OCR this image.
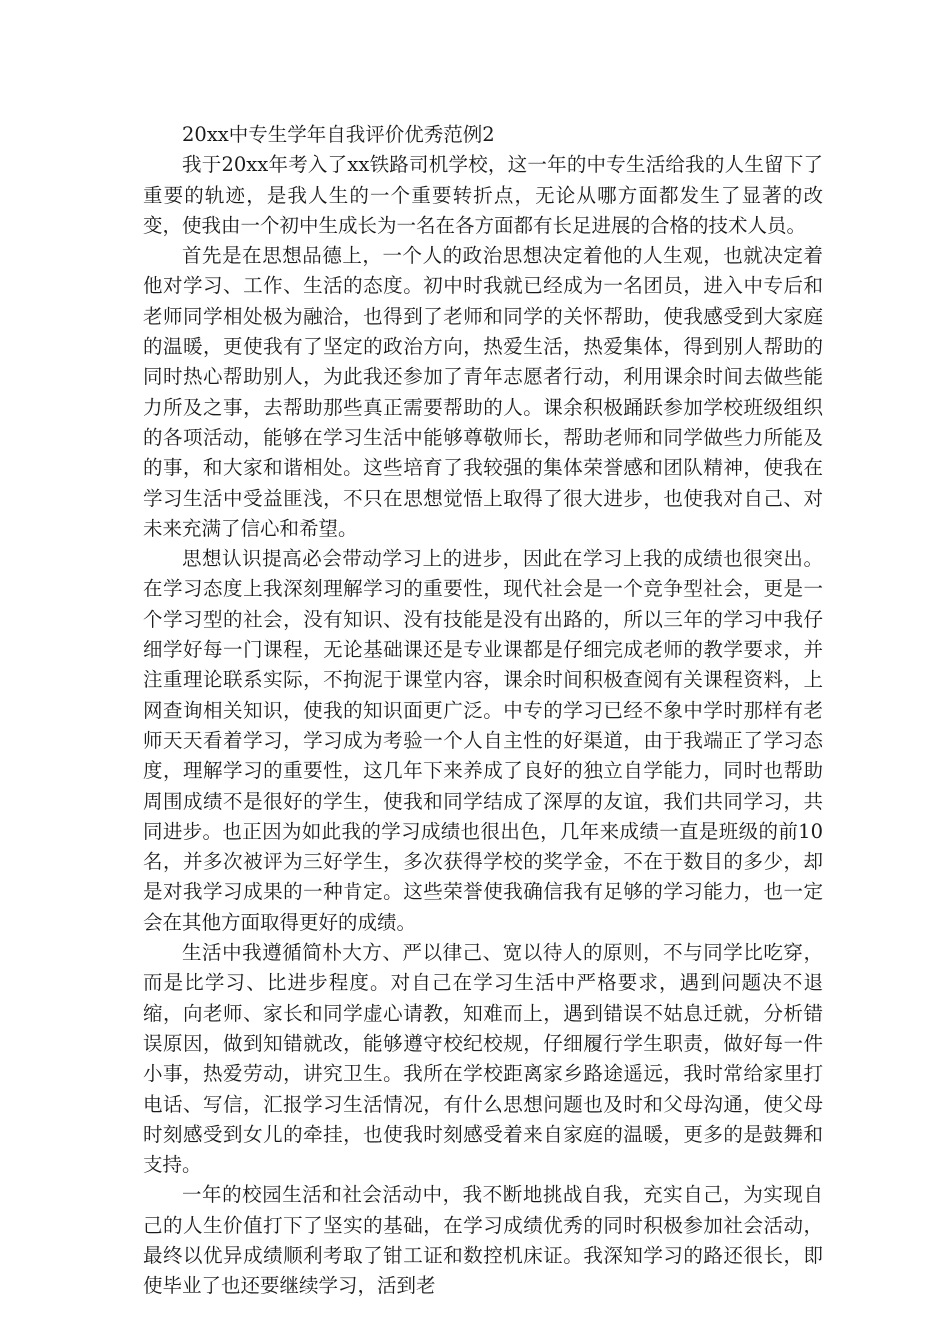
20xx中专生学年自我评价优秀范例2

我于20xx年考入了xx铁路司机学校，这一年的中专生活给我的人生留下了重要的轨迹，是我人生的一个重要转折点，无论从哪方面都发生了显著的改变，使我由一个初中生成长为一名在各方面都有长足进展的合格的技术人员。

首先是在思想品德上，一个人的政治思想决定着他的人生观，也就决定着他对学习、工作、生活的态度。初中时我就已经成为一名团员，进入中专后和老师同学相处极为融洽，也得到了老师和同学的关怀帮助，使我感受到大家庭的温暖，更使我有了坚定的政治方向，热爱生活，热爱集体，得到别人帮助的同时热心帮助别人，为此我还参加了青年志愿者行动，利用课余时间去做些能力所及之事，去帮助那些真正需要帮助的人。课余积极踊跃参加学校班级组织的各项活动，能够在学习生活中能够尊敬师长，帮助老师和同学做些力所能及的事，和大家和谐相处。这些培育了我较强的集体荣誉感和团队精神，使我在学习生活中受益匪浅，不只在思想觉悟上取得了很大进步，也使我对自己、对未来充满了信心和希望。

思想认识提高必会带动学习上的进步，因此在学习上我的成绩也很突出。在学习态度上我深刻理解学习的重要性，现代社会是一个竞争型社会，更是一个学习型的社会，没有知识、没有技能是没有出路的，所以三年的学习中我仔细学好每一门课程，无论基础课还是专业课都是仔细完成老师的教学要求，并注重理论联系实际，不拘泥于课堂内容，课余时间积极查阅有关课程资料，上网查询相关知识，使我的知识面更广泛。中专的学习已经不象中学时那样有老师天天看着学习，学习成为考验一个人自主性的好渠道，由于我端正了学习态度，理解学习的重要性，这几年下来养成了良好的独立自学能力，同时也帮助周围成绩不是很好的学生，使我和同学结成了深厚的友谊，我们共同学习，共同进步。也正因为如此我的学习成绩也很出色，几年来成绩一直是班级的前10名，并多次被评为三好学生，多次获得学校的奖学金，不在于数目的多少，却是对我学习成果的一种肯定。这些荣誉使我确信我有足够的学习能力，也一定会在其他方面取得更好的成绩。

生活中我遵循简朴大方、严以律己、宽以待人的原则，不与同学比吃穿，而是比学习、比进步程度。对自己在学习生活中严格要求，遇到问题决不退缩，向老师、家长和同学虚心请教，知难而上，遇到错误不姑息迁就，分析错误原因，做到知错就改，能够遵守校纪校规，仔细履行学生职责，做好每一件小事，热爱劳动，讲究卫生。我所在学校距离家乡路途遥远，我时常给家里打电话、写信，汇报学习生活情况，有什么思想问题也及时和父母沟通，使父母时刻感受到女儿的牵挂，也使我时刻感受着来自家庭的温暖，更多的是鼓舞和支持。

一年的校园生活和社会活动中，我不断地挑战自我，充实自己，为实现自己的人生价值打下了坚实的基础，在学习成绩优秀的同时积极参加社会活动，最终以优异成绩顺利考取了钳工证和数控机床证。我深知学习的路还很长，即使毕业了也还要继续学习，活到老
